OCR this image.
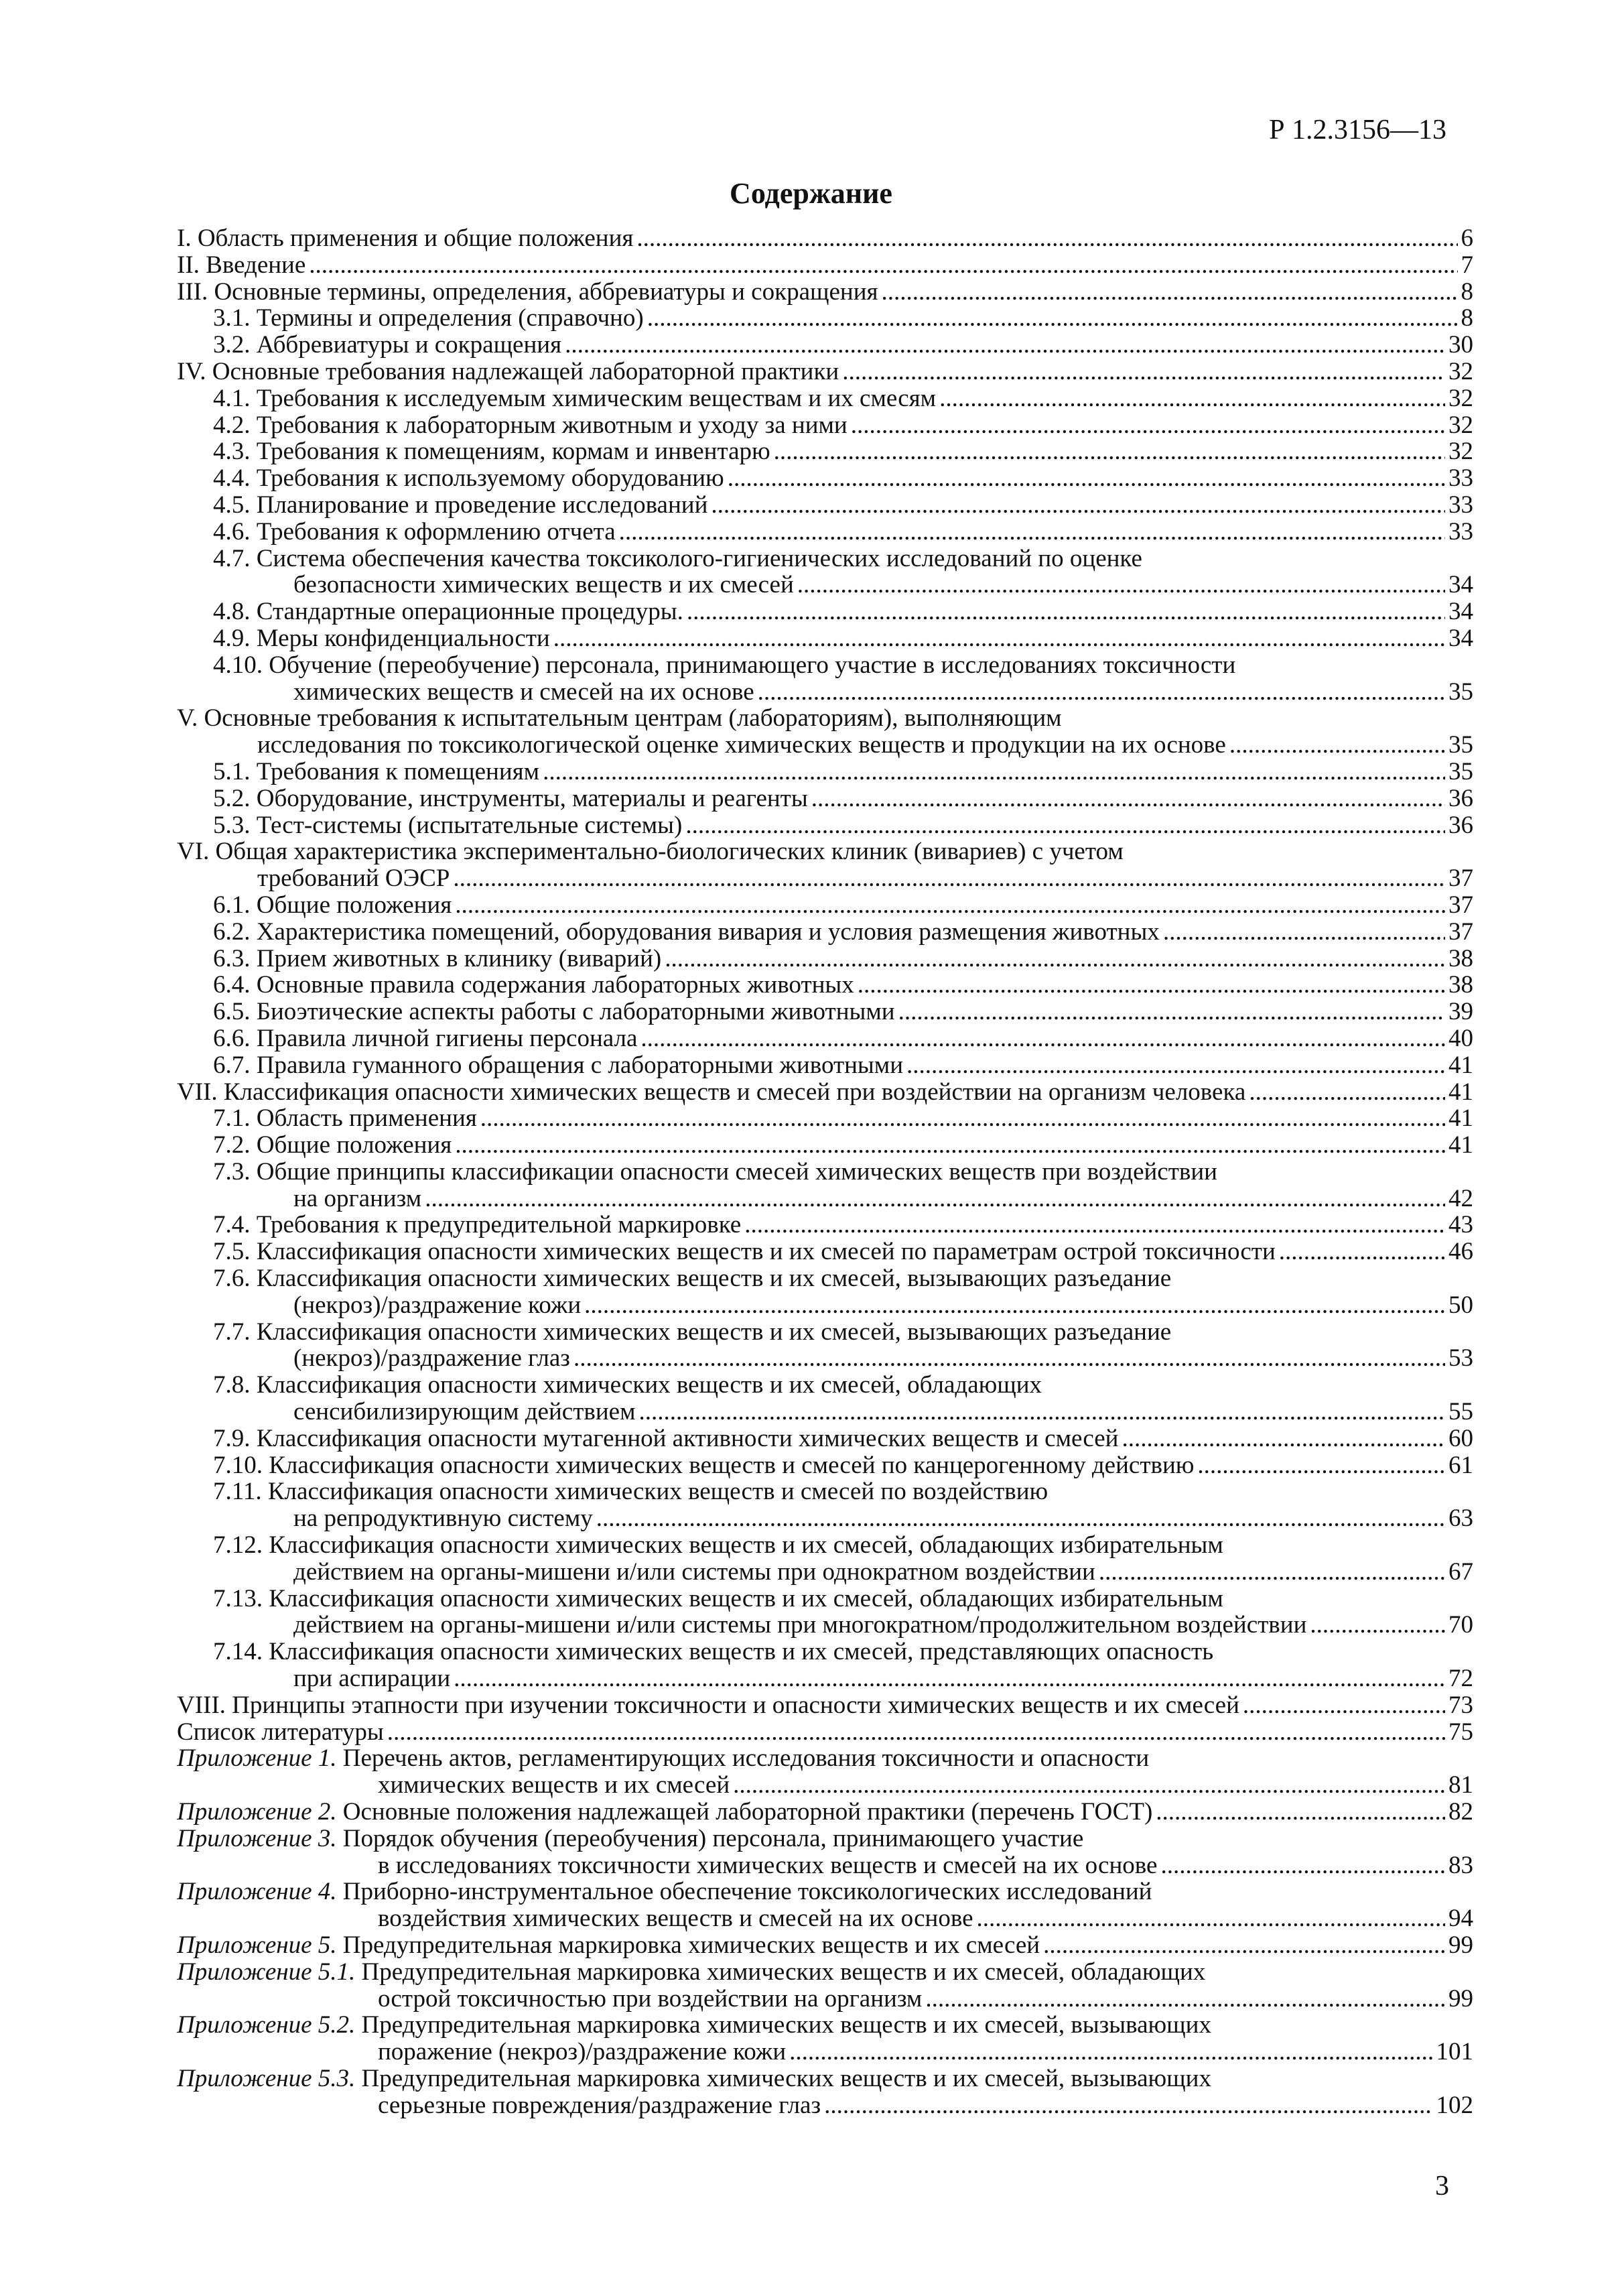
Р 1.2.3156—13
Содержание
I. Область применения и общие положения .....	6
II. Введение .....	7
III. Основные термины, определения, аббревиатуры и сокращения .....	8
3.1. Термины и определения (справочно) .....	8
3.2. Аббревиатуры и сокращения .....	30
IV. Основные требования надлежащей лабораторной практики .....	32
4.1. Требования к исследуемым химическим веществам и их смесям .....	32
4.2. Требования к лабораторным животным и уходу за ними .....	32
4.3. Требования к помещениям, кормам и инвентарю .....	32
4.4. Требования к используемому оборудованию .....	33
4.5. Планирование и проведение исследований .....	33
4.6. Требования к оформлению отчета .....	33
4.7. Система обеспечения качества токсиколого-гигиенических исследований по оценке
безопасности химических веществ и их смесей .....	34
4.8. Стандартные операционные процедуры. .....	34
4.9. Меры конфиденциальности .....	34
4.10. Обучение (переобучение) персонала, принимающего участие в исследованиях токсичности
химических веществ и смесей на их основе .....	35
V. Основные требования к испытательным центрам (лабораториям), выполняющим
исследования по токсикологической оценке химических веществ и продукции на их основе .....	35
5.1. Требования к помещениям .....	35
5.2. Оборудование, инструменты, материалы и реагенты .....	36
5.3. Тест-системы (испытательные системы) .....	36
VI. Общая характеристика экспериментально-биологических клиник (вивариев) с учетом
требований ОЭСР .....	37
6.1. Общие положения .....	37
6.2. Характеристика помещений, оборудования вивария и условия размещения животных .....	37
6.3. Прием животных в клинику (виварий) .....	38
6.4. Основные правила содержания лабораторных животных .....	38
6.5. Биоэтические аспекты работы с лабораторными животными .....	39
6.6. Правила личной гигиены персонала .....	40
6.7. Правила гуманного обращения с лабораторными животными .....	41
VII. Классификация опасности химических веществ и смесей при воздействии на организм человека .....	41
7.1. Область применения .....	41
7.2. Общие положения .....	41
7.3. Общие принципы классификации опасности смесей химических веществ при воздействии
на организм .....	42
7.4. Требования к предупредительной маркировке .....	43
7.5. Классификация опасности химических веществ и их смесей по параметрам острой токсичности .....	46
7.6. Классификация опасности химических веществ и их смесей, вызывающих разъедание
(некроз)/раздражение кожи .....	50
7.7. Классификация опасности химических веществ и их смесей, вызывающих разъедание
(некроз)/раздражение глаз .....	53
7.8. Классификация опасности химических веществ и их смесей, обладающих
сенсибилизирующим действием .....	55
7.9. Классификация опасности мутагенной активности химических веществ и смесей .....	60
7.10. Классификация опасности химических веществ и смесей по канцерогенному действию .....	61
7.11. Классификация опасности химических веществ и смесей по воздействию
на репродуктивную систему .....	63
7.12. Классификация опасности химических веществ и их смесей, обладающих избирательным
действием на органы-мишени и/или системы при однократном воздействии .....	67
7.13. Классификация опасности химических веществ и их смесей, обладающих избирательным
действием на органы-мишени и/или системы при многократном/продолжительном воздействии .....	70
7.14. Классификация опасности химических веществ и их смесей, представляющих опасность
при аспирации .....	72
VIII. Принципы этапности при изучении токсичности и опасности химических веществ и их смесей .....	73
Список литературы .....	75
Приложение 1. Перечень актов, регламентирующих исследования токсичности и опасности
химических веществ и их смесей .....	81
Приложение 2. Основные положения надлежащей лабораторной практики (перечень ГОСТ) .....	82
Приложение 3. Порядок обучения (переобучения) персонала, принимающего участие
в исследованиях токсичности химических веществ и смесей на их основе .....	83
Приложение 4. Приборно-инструментальное обеспечение токсикологических исследований
воздействия химических веществ и смесей на их основе .....	94
Приложение 5. Предупредительная маркировка химических веществ и их смесей .....	99
Приложение 5.1. Предупредительная маркировка химических веществ и их смесей, обладающих
острой токсичностью при воздействии на организм .....	99
Приложение 5.2. Предупредительная маркировка химических веществ и их смесей, вызывающих
поражение (некроз)/раздражение кожи .....	101
Приложение 5.3. Предупредительная маркировка химических веществ и их смесей, вызывающих
серьезные повреждения/раздражение глаз .....	102
3
